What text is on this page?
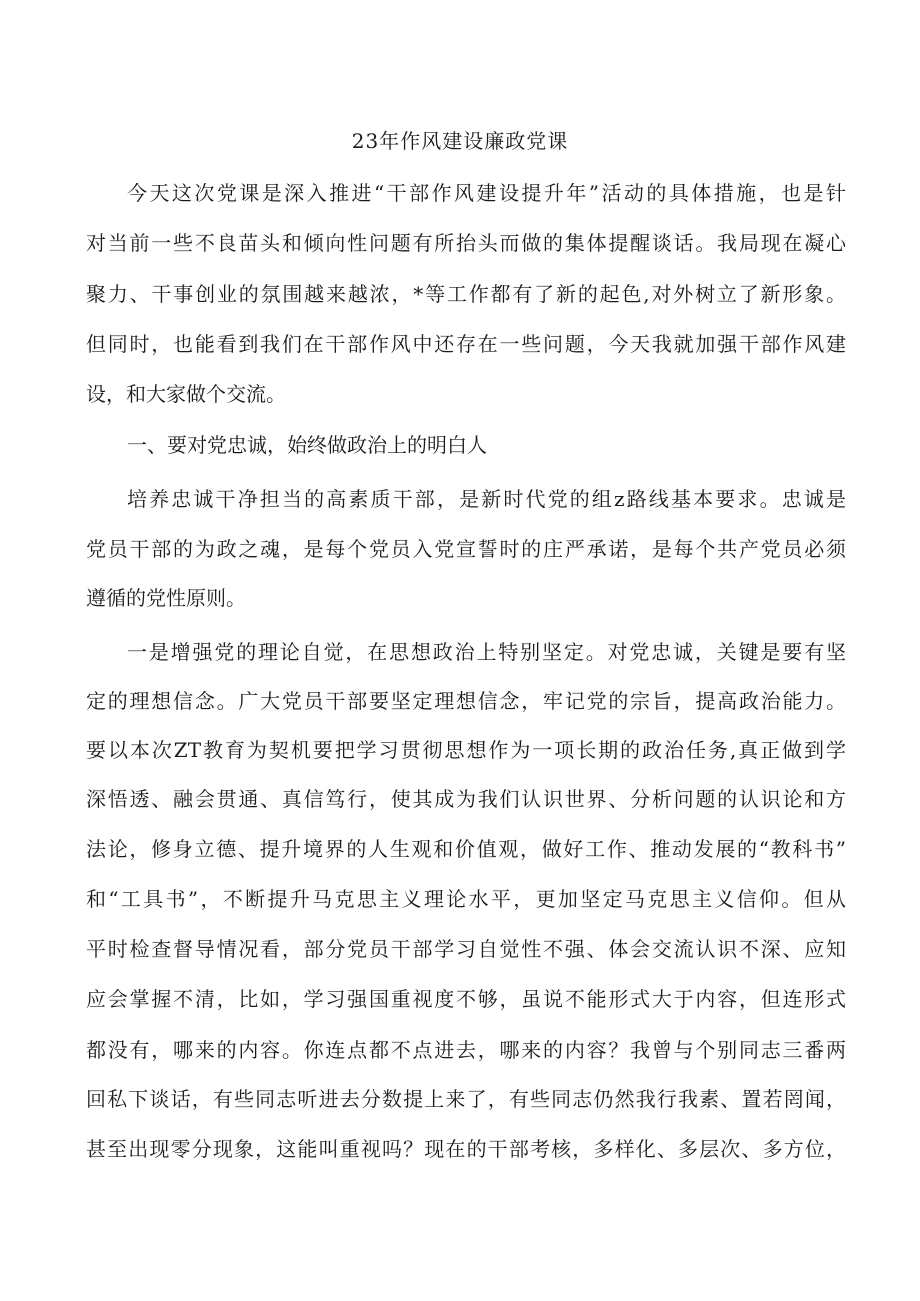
23年作风建设廉政党课
今天这次党课是深入推进“干部作风建设提升年”活动的具体措施，也是针
对当前一些不良苗头和倾向性问题有所抬头而做的集体提醒谈话。我局现在凝心
聚力、干事创业的氛围越来越浓，*等工作都有了新的起色,对外树立了新形象。
但同时，也能看到我们在干部作风中还存在一些问题，今天我就加强干部作风建
设，和大家做个交流。
一、要对党忠诚，始终做政治上的明白人
培养忠诚干净担当的高素质干部，是新时代党的组z路线基本要求。忠诚是
党员干部的为政之魂，是每个党员入党宣誓时的庄严承诺，是每个共产党员必须
遵循的党性原则。
一是增强党的理论自觉，在思想政治上特别坚定。对党忠诚，关键是要有坚
定的理想信念。广大党员干部要坚定理想信念，牢记党的宗旨，提高政治能力。
要以本次ZT教育为契机要把学习贯彻思想作为一项长期的政治任务,真正做到学
深悟透、融会贯通、真信笃行，使其成为我们认识世界、分析问题的认识论和方
法论，修身立德、提升境界的人生观和价值观，做好工作、推动发展的“教科书”
和“工具书”，不断提升马克思主义理论水平，更加坚定马克思主义信仰。但从
平时检查督导情况看，部分党员干部学习自觉性不强、体会交流认识不深、应知
应会掌握不清，比如，学习强国重视度不够，虽说不能形式大于内容，但连形式
都没有，哪来的内容。你连点都不点进去，哪来的内容？我曾与个别同志三番两
回私下谈话，有些同志听进去分数提上来了，有些同志仍然我行我素、置若罔闻，
甚至出现零分现象，这能叫重视吗？现在的干部考核，多样化、多层次、多方位，
